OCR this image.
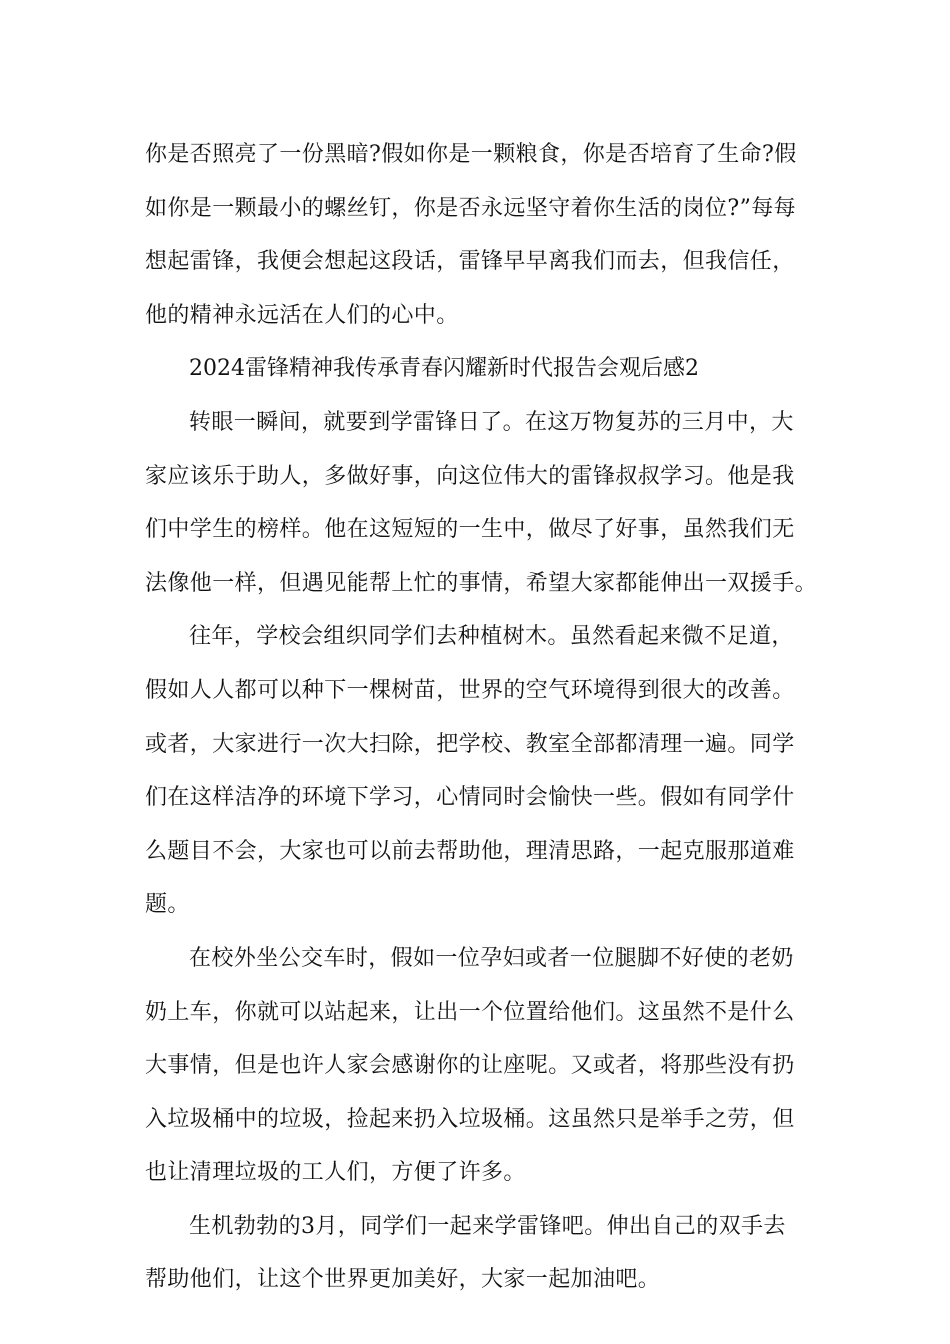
你是否照亮了一份黑暗?假如你是一颗粮食，你是否培育了生命?假
如你是一颗最小的螺丝钉，你是否永远坚守着你生活的岗位?”每每
想起雷锋，我便会想起这段话，雷锋早早离我们而去，但我信任，
他的精神永远活在人们的心中。
2024雷锋精神我传承青春闪耀新时代报告会观后感2
转眼一瞬间，就要到学雷锋日了。在这万物复苏的三月中，大
家应该乐于助人，多做好事，向这位伟大的雷锋叔叔学习。他是我
们中学生的榜样。他在这短短的一生中，做尽了好事，虽然我们无
法像他一样，但遇见能帮上忙的事情，希望大家都能伸出一双援手。
往年，学校会组织同学们去种植树木。虽然看起来微不足道，
假如人人都可以种下一棵树苗，世界的空气环境得到很大的改善。
或者，大家进行一次大扫除，把学校、教室全部都清理一遍。同学
们在这样洁净的环境下学习，心情同时会愉快一些。假如有同学什
么题目不会，大家也可以前去帮助他，理清思路，一起克服那道难
题。
在校外坐公交车时，假如一位孕妇或者一位腿脚不好使的老奶
奶上车，你就可以站起来，让出一个位置给他们。这虽然不是什么
大事情，但是也许人家会感谢你的让座呢。又或者，将那些没有扔
入垃圾桶中的垃圾，捡起来扔入垃圾桶。这虽然只是举手之劳，但
也让清理垃圾的工人们，方便了许多。
生机勃勃的3月，同学们一起来学雷锋吧。伸出自己的双手去
帮助他们，让这个世界更加美好，大家一起加油吧。
